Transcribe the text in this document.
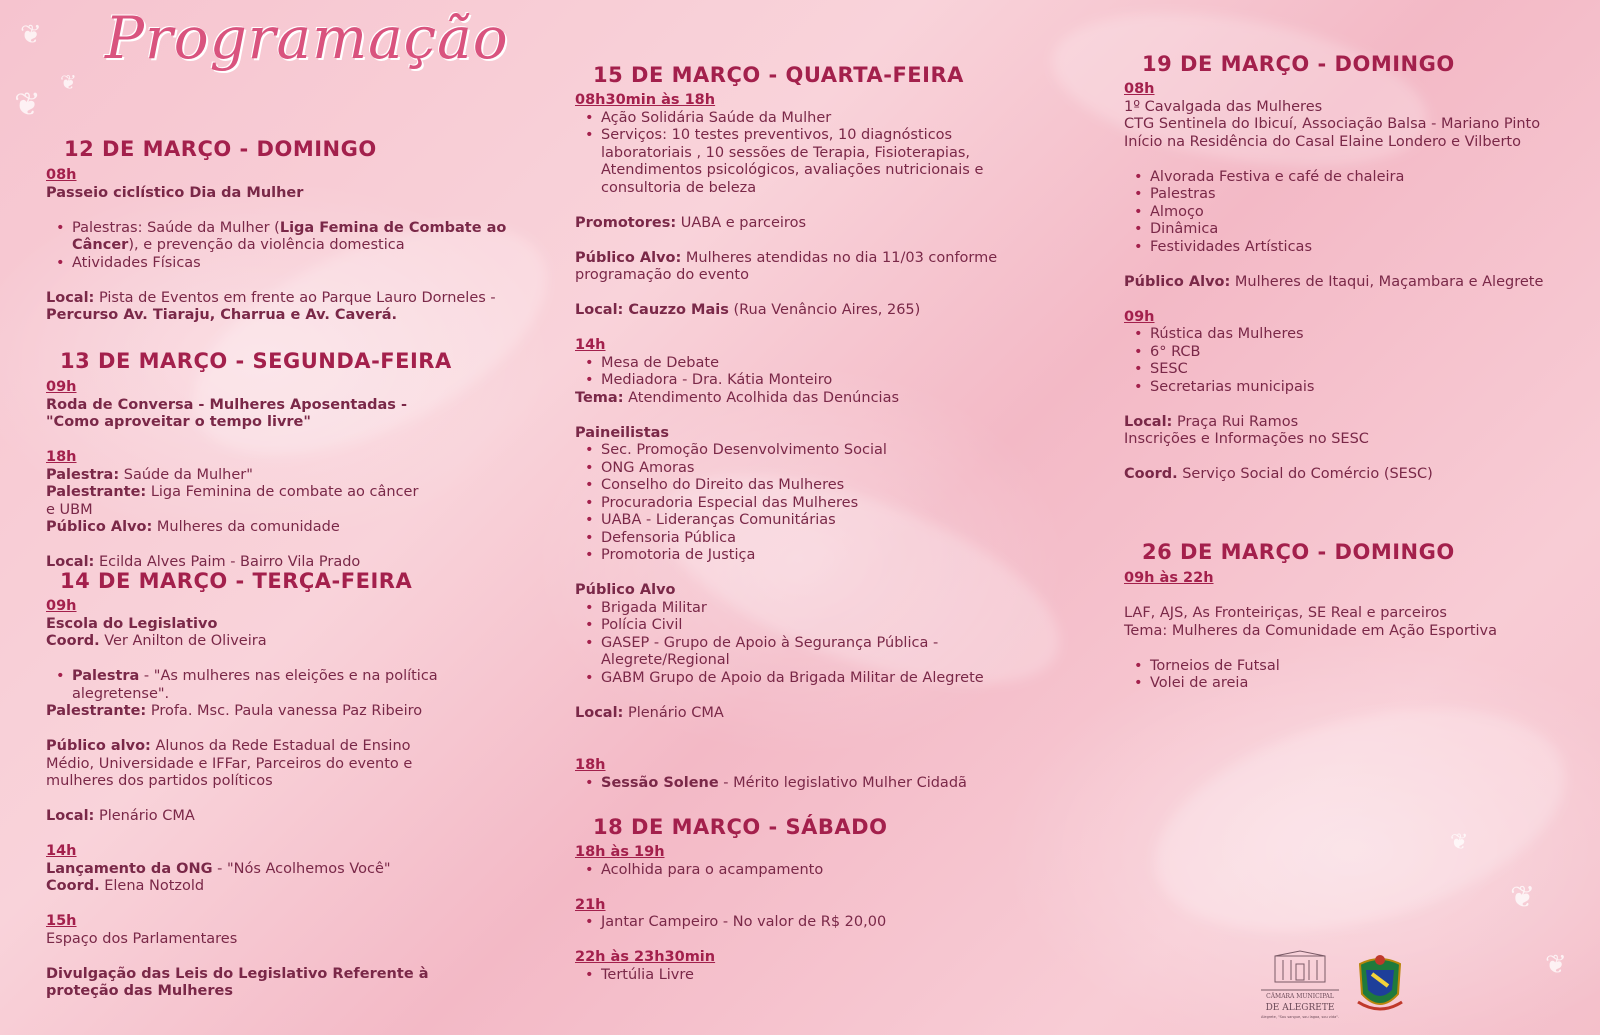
❦
❦
❦
❦
❦
❦
Programação
12 DE MARÇO - DOMINGO
08h
Passeio ciclístico Dia da Mulher
• Palestras: Saúde da Mulher (Liga Femina de Combate ao Câncer), e prevenção da violência domestica
• Atividades Físicas
Local: Pista de Eventos em frente ao Parque Lauro Dorneles - Percurso Av. Tiaraju, Charrua e Av. Caverá.
13 DE MARÇO - SEGUNDA-FEIRA
09h
Roda de Conversa - Mulheres Aposentadas - "Como aproveitar o tempo livre"
18h
Palestra: Saúde da Mulher"
Palestrante: Liga Feminina de combate ao câncer e UBM
Público Alvo: Mulheres da comunidade
Local: Ecilda Alves Paim - Bairro Vila Prado
14 DE MARÇO - TERÇA-FEIRA
09h
Escola do Legislativo
Coord. Ver Anilton de Oliveira
• Palestra - "As mulheres nas eleições e na política alegretense".
Palestrante: Profa. Msc. Paula vanessa Paz Ribeiro
Público alvo: Alunos da Rede Estadual de Ensino Médio, Universidade e IFFar, Parceiros do evento e mulheres dos partidos políticos
Local: Plenário CMA
14h
Lançamento da ONG - "Nós Acolhemos Você"
Coord. Elena Notzold
15h
Espaço dos Parlamentares
Divulgação das Leis do Legislativo Referente à proteção das Mulheres
15 DE MARÇO - QUARTA-FEIRA
08h30min às 18h
• Ação Solidária Saúde da Mulher
• Serviços: 10 testes preventivos, 10 diagnósticos laboratoriais , 10 sessões de Terapia, Fisioterapias, Atendimentos psicológicos, avaliações nutricionais e consultoria de beleza
Promotores: UABA e parceiros
Público Alvo: Mulheres atendidas no dia 11/03 conforme programação do evento
Local: Cauzzo Mais (Rua Venâncio Aires, 265)
14h
• Mesa de Debate
• Mediadora - Dra. Kátia Monteiro
Tema: Atendimento Acolhida das Denúncias
Paineilistas
• Sec. Promoção Desenvolvimento Social
• ONG Amoras
• Conselho do Direito das Mulheres
• Procuradoria Especial das Mulheres
• UABA - Lideranças Comunitárias
• Defensoria Pública
• Promotoria de Justiça
Público Alvo
• Brigada Militar
• Polícia Civil
• GASEP - Grupo de Apoio à Segurança Pública - Alegrete/Regional
• GABM Grupo de Apoio da Brigada Militar de Alegrete
Local: Plenário CMA
18h
• Sessão Solene - Mérito legislativo Mulher Cidadã
18 DE MARÇO - SÁBADO
18h às 19h
• Acolhida para o acampamento
21h
• Jantar Campeiro - No valor de R$ 20,00
22h às 23h30min
• Tertúlia Livre
19 DE MARÇO - DOMINGO
08h
1º Cavalgada das Mulheres
CTG Sentinela do Ibicuí, Associação Balsa - Mariano Pinto
Início na Residência do Casal Elaine Londero e Vilberto
• Alvorada Festiva e café de chaleira
• Palestras
• Almoço
• Dinâmica
• Festividades Artísticas
Público Alvo: Mulheres de Itaqui, Maçambara e Alegrete
09h
• Rústica das Mulheres
• 6° RCB
• SESC
• Secretarias municipais
Local: Praça Rui Ramos
Inscrições e Informações no SESC
Coord. Serviço Social do Comércio (SESC)
26 DE MARÇO - DOMINGO
09h às 22h
LAF, AJS, As Fronteiriças, SE Real e parceiros
Tema: Mulheres da Comunidade em Ação Esportiva
• Torneios de Futsal
• Volei de areia
CÂMARA MUNICIPAL
DE ALEGRETE
Alegrete, "Sou sangue, sou lagoa, sou vida".
